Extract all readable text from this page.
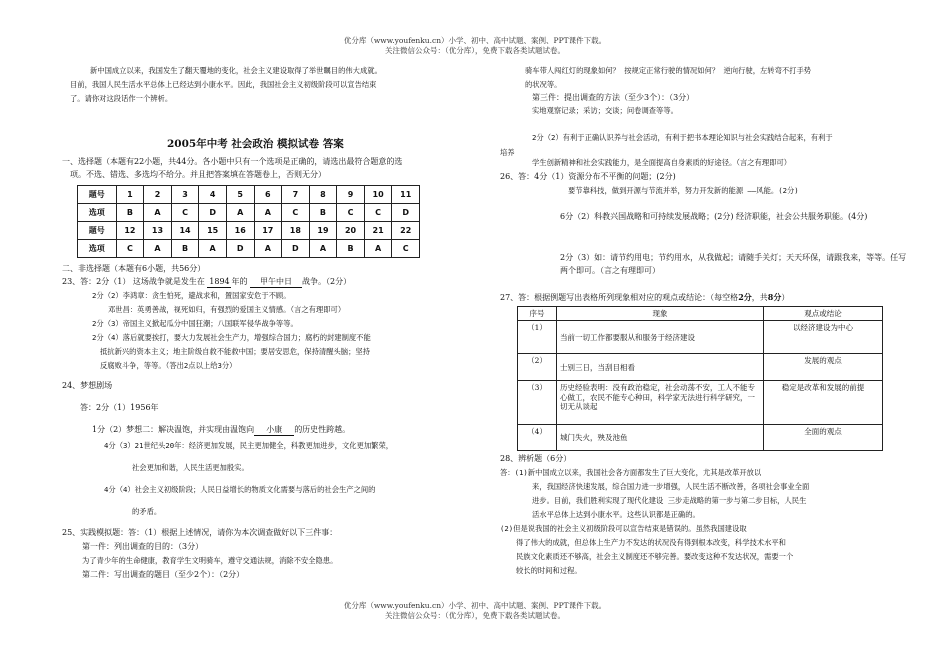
优分库（www.youfenku.cn）小学、初中、高中试题、案例、PPT课件下载。
关注微信公众号：（优分库），免费下载各类试题试卷。
新中国成立以来，我国发生了翻天覆地的变化，社会主义建设取得了举世瞩目的伟大成就。
目前，我国人民生活水平总体上已经达到小康水平。因此，我国社会主义初级阶段可以宣告结束
了。请你对这段话作一个辨析。
2005年中考 社会政治 模拟试卷 答案
一、选择题（本题有22小题，共44分。各小题中只有一个选项是正确的，请选出最符合题意的选
项。不选、错选、多选均不给分。并且把答案填在答题卷上，否则无分）
题号	1	2	3	4	5	6	7	8	9	10	11
选项	B	A	C	D	A	A	C	B	C	C	D
题号	12	13	14	15	16	17	18	19	20	21	22
选项	C	A	B	A	D	A	D	A	B	A	C
二、非选择题（本题有6小题，共56分）
23、答：2分（1） 这场战争就是发生在 1894 年的 甲午中日 战争。（2分）
2分（2）李鸿章：贪生怕死，避战求和，置国家安危于不顾。
邓世昌：英勇善战，视死如归，有强烈的爱国主义情感。（言之有理即可）
2分（3）帝国主义掀起瓜分中国狂潮；八国联军侵华战争等等。
2分（4）落后就要挨打，要大力发展社会生产力，增强综合国力；腐朽的封建制度不能
抵抗新兴的资本主义；地主阶级自救不能救中国；要居安思危，保持清醒头脑；坚持
反腐败斗争，等等。（答出2点以上给3分）
24、梦想剧场
答：2分（1）1956年
1分（2）梦想二：解决温饱，并实现由温饱向 小康 的历史性跨越。
4分（3）21世纪头20年：经济更加发展，民主更加健全，科教更加进步，文化更加繁荣，
社会更加和谐，人民生活更加殷实。
4分（4）社会主义初级阶段；人民日益增长的物质文化需要与落后的社会生产之间的
的矛盾。
25、实践模拟题：答：（1）根据上述情况，请你为本次调查做好以下三件事：
第一件：列出调查的目的：（3分）
为了青少年的生命健康，教育学生文明骑车，遵守交通法规，消除不安全隐患。
第二件：写出调查的题目（至少2个）：（2分）
骑车带人闯红灯的现象如何？ 按规定正常行驶的情况如何？ 逆向行驶，左转弯不打手势
的状况等。
第三件：提出调查的方法（至少3个）：（3分）
实地观察记录；采访；交谈；问卷调查等等。
2分（2）有利于正确认识养与社会活动，有利于把书本理论知识与社会实践结合起来，有利于
培养
学生创新精神和社会实践能力，是全面提高自身素质的好途径。（言之有理即可）
26、答：4分（1）资源分布不平衡的问题；(2分)
要节靠科技，做到开源与节流并举，努力开发新的能源 ——风能。(2分)
6分（2）科教兴国战略和可持续发展战略；(2分) 经济职能，社会公共服务职能。(4分)
2分（3）如：请节约用电；节约用水，从我做起；请随手关灯；天天环保，请跟我来，等等。任写
两个即可。（言之有理即可）
27、答：根据例题写出表格所列现象相对应的观点或结论：（每空格2分，共8分）
序号	现象	观点或结论
（1）	当前一切工作都要服从和服务于经济建设	以经济建设为中心
（2）	士别三日，当刮目相看	发展的观点
（3）	历史经验表明：没有政治稳定，社会动荡不安，工人不能专心做工，农民不能专心种田，科学家无法进行科学研究，一切无从谈起	稳定是改革和发展的前提
（4）	城门失火，殃及池鱼	全面的观点
28、辨析题（6分）
答：(1)新中国成立以来，我国社会各方面都发生了巨大变化，尤其是改革开放以
来，我国经济快速发展，综合国力进一步增强，人民生活不断改善，各项社会事业全面
进步。目前，我们胜利实现了现代化建设 三步走战略的第一步与第二步目标，人民生
活水平总体上达到小康水平。这些认识都是正确的。
(2)但是说我国的社会主义初级阶段可以宣告结束是错误的。虽然我国建设取
得了伟大的成就，但总体上生产力不发达的状况没有得到根本改变，科学技术水平和
民族文化素质还不够高，社会主义制度还不够完善。要改变这种不发达状况，需要一个
较长的时间和过程。
优分库（www.youfenku.cn）小学、初中、高中试题、案例、PPT课件下载。
关注微信公众号：（优分库），免费下载各类试题试卷。
